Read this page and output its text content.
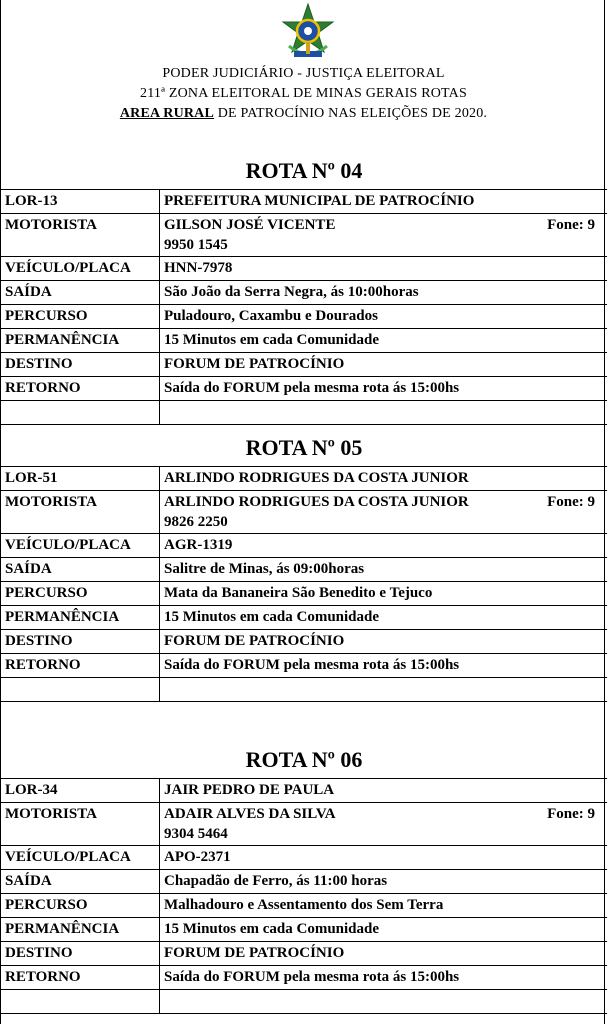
PODER JUDICIÁRIO - JUSTIÇA ELEITORAL
211ª ZONA ELEITORAL DE MINAS GERAIS ROTAS
AREA RURAL DE PATROCÍNIO NAS ELEIÇÕES DE 2020.
ROTA Nº 04	
LOR-13	PREFEITURA MUNICIPAL DE PATROCÍNIO
MOTORISTA	GILSON JOSÉ VICENTE Fone: 9
9950 1545

VEÍCULO/PLACA	HNN-7978
SAÍDA	São João da Serra Negra, ás 10:00horas
PERCURSO	Puladouro, Caxambu e Dourados
PERMANÊNCIA	15 Minutos em cada Comunidade
DESTINO	FORUM DE PATROCÍNIO
RETORNO	Saída do FORUM pela mesma rota ás 15:00hs

ROTA Nº 05	
LOR-51	ARLINDO RODRIGUES DA COSTA JUNIOR
MOTORISTA	ARLINDO RODRIGUES DA COSTA JUNIOR Fone: 9
9826 2250

VEÍCULO/PLACA	AGR-1319
SAÍDA	Salitre de Minas, ás 09:00horas
PERCURSO	Mata da Bananeira São Benedito e Tejuco
PERMANÊNCIA	15 Minutos em cada Comunidade
DESTINO	FORUM DE PATROCÍNIO
RETORNO	Saída do FORUM pela mesma rota ás 15:00hs

ROTA Nº 06	
LOR-34	JAIR PEDRO DE PAULA
MOTORISTA	ADAIR ALVES DA SILVA Fone: 9
9304 5464

VEÍCULO/PLACA	APO-2371
SAÍDA	Chapadão de Ferro, ás 11:00 horas
PERCURSO	Malhadouro e Assentamento dos Sem Terra
PERMANÊNCIA	15 Minutos em cada Comunidade
DESTINO	FORUM DE PATROCÍNIO
RETORNO	Saída do FORUM pela mesma rota ás 15:00hs
